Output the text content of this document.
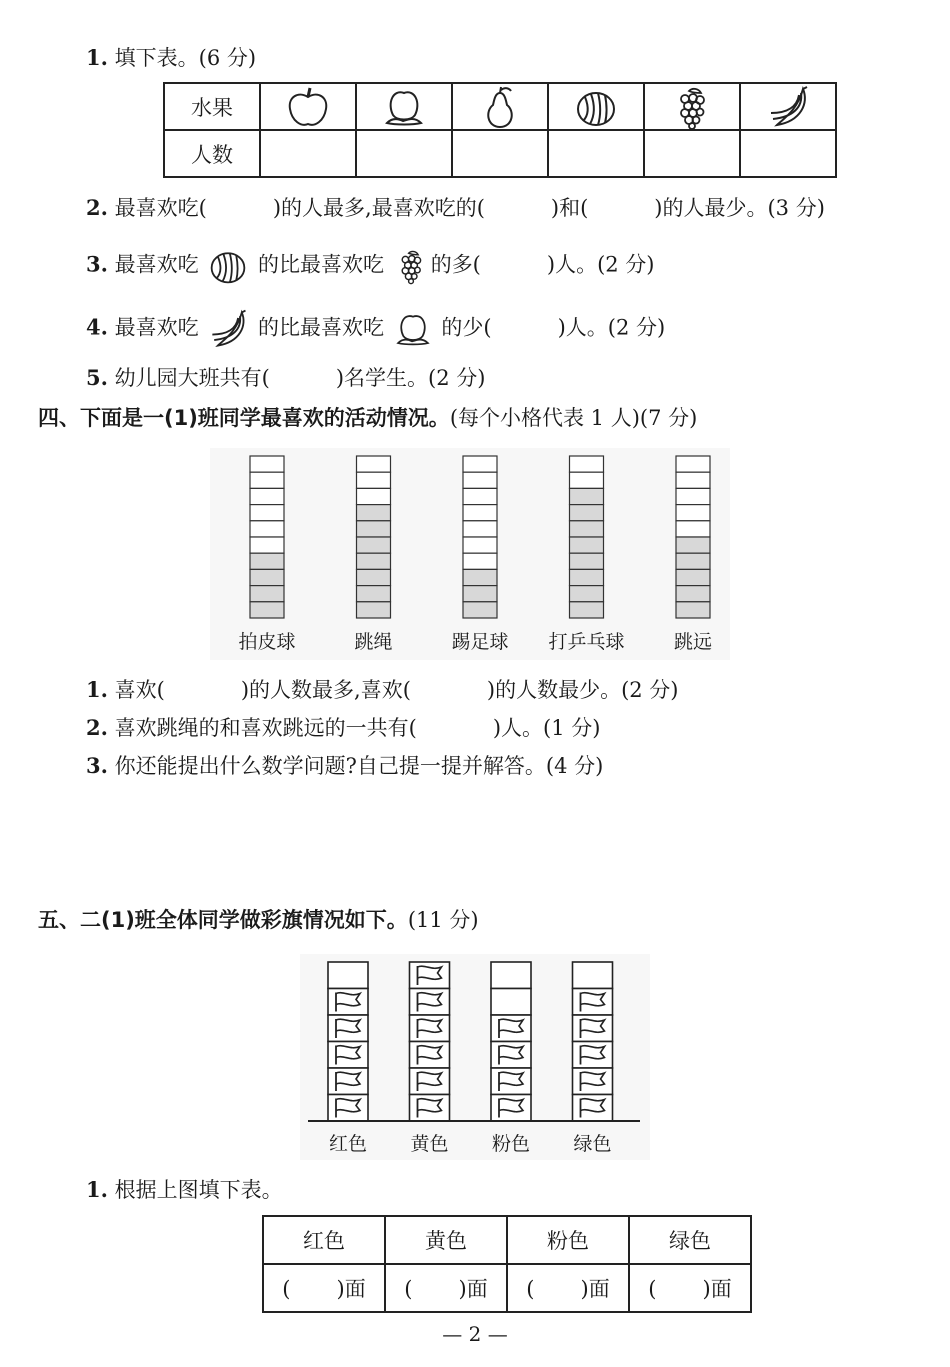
1. 填下表。(6 分)
水果	

人数						
2. 最喜欢吃(	)的人最多,最喜欢吃的(	)和(	)的人最少。(3 分)
3. 最喜欢吃	的比最喜欢吃 的多(	)人。(2 分)
4. 最喜欢吃	的比最喜欢吃	的少(	)人。(2 分)
5. 幼儿园大班共有(	)名学生。(2 分)
四、下面是一(1)班同学最喜欢的活动情况。(每个小格代表 1 人)(7 分)
拍皮球	跳绳	踢足球 打乒乓球	跳远
1. 喜欢(	)的人数最多,喜欢(	)的人数最少。(2 分)
2. 喜欢跳绳的和喜欢跳远的一共有(	)人。(1 分)
3. 你还能提出什么数学问题?自己提一提并解答。(4 分)
五、二(1)班全体同学做彩旗情况如下。(11 分)
红色 黄色 粉色 绿色
1. 根据上图填下表。
红色	黄色	粉色	绿色
( )面	( )面	( )面	( )面
— 2 —
